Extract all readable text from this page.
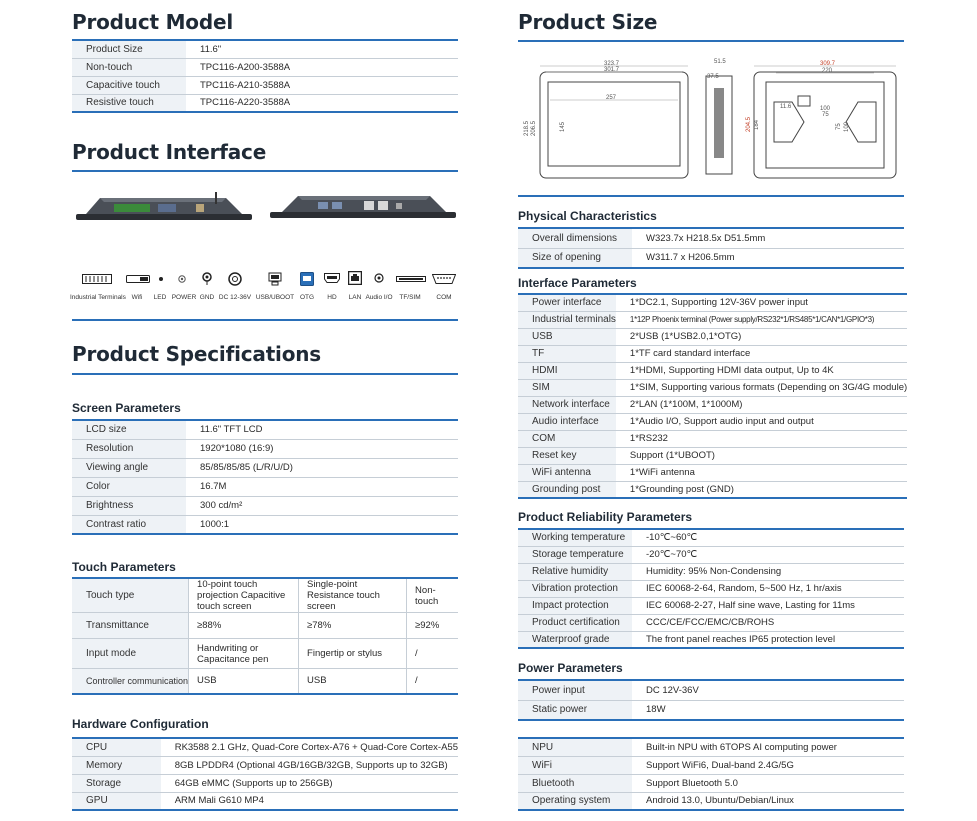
Product Model
Product Size	11.6"
Non-touch	TPC116-A200-3588A
Capacitive touch	TPC116-A210-3588A
Resistive touch	TPC116-A220-3588A
Product Interface
Industrial Terminals Wifi	LED POWER GND DC 12-36V USB/UBOOT OTG	HD	LAN Audio I/O	TF/SIM	COM
Product Specifications
Screen Parameters
LCD size	11.6" TFT LCD
Resolution	1920*1080 (16:9)
Viewing angle	85/85/85/85 (L/R/U/D)
Color	16.7M
Brightness	300 cd/m²
Contrast ratio	1000:1
Touch Parameters
Touch type	10-point touch projection Capacitive touch screen	Single-point Resistance touch screen	Non-touch
Transmittance	≥88%	≥78%	≥92%
Input mode	Handwriting or Capacitance pen	Fingertip or stylus	/
Controller communication	USB	USB	/
Hardware Configuration
CPU	RK3588 2.1 GHz, Quad-Core Cortex-A76 + Quad-Core Cortex-A55
Memory	8GB LPDDR4 (Optional 4GB/16GB/32GB, Supports up to 32GB)
Storage	64GB eMMC (Supports up to 256GB)
GPU	ARM Mali G610 MP4
NPU	Built-in NPU with 6TOPS AI computing power
WiFi	Support WiFi6, Dual-band 2.4G/5G
Bluetooth	Support Bluetooth 5.0
Operating system	Android 13.0, Ubuntu/Debian/Linux
Product Size
323.7
301.7
257
218.5 206.5	145
51.5
37.5
309.7
220
204.5 184
100
75
75 100
11.6
Physical Characteristics
Overall dimensions	W323.7x H218.5x D51.5mm
Size of opening	W311.7 x H206.5mm
Interface Parameters
Power interface	1*DC2.1, Supporting 12V-36V power input
Industrial terminals	1*12P Phoenix terminal (Power supply/RS232*1/RS485*1/CAN*1/GPIO*3)
USB	2*USB (1*USB2.0,1*OTG)
TF	1*TF card standard interface
HDMI	1*HDMI, Supporting HDMI data output, Up to 4K
SIM	1*SIM, Supporting various formats (Depending on 3G/4G module)
Network interface	2*LAN (1*100M, 1*1000M)
Audio interface	1*Audio I/O, Support audio input and output
COM	1*RS232
Reset key	Support (1*UBOOT)
WiFi antenna	1*WiFi antenna
Grounding post	1*Grounding post (GND)
Product Reliability Parameters
Working temperature	-10℃~60℃
Storage temperature	-20℃~70℃
Relative humidity	Humidity: 95% Non-Condensing
Vibration protection	IEC 60068-2-64, Random, 5~500 Hz, 1 hr/axis
Impact protection	IEC 60068-2-27, Half sine wave, Lasting for 11ms
Product certification	CCC/CE/FCC/EMC/CB/ROHS
Waterproof grade	The front panel reaches IP65 protection level
Power Parameters
Power input	DC 12V-36V
Static power	18W
